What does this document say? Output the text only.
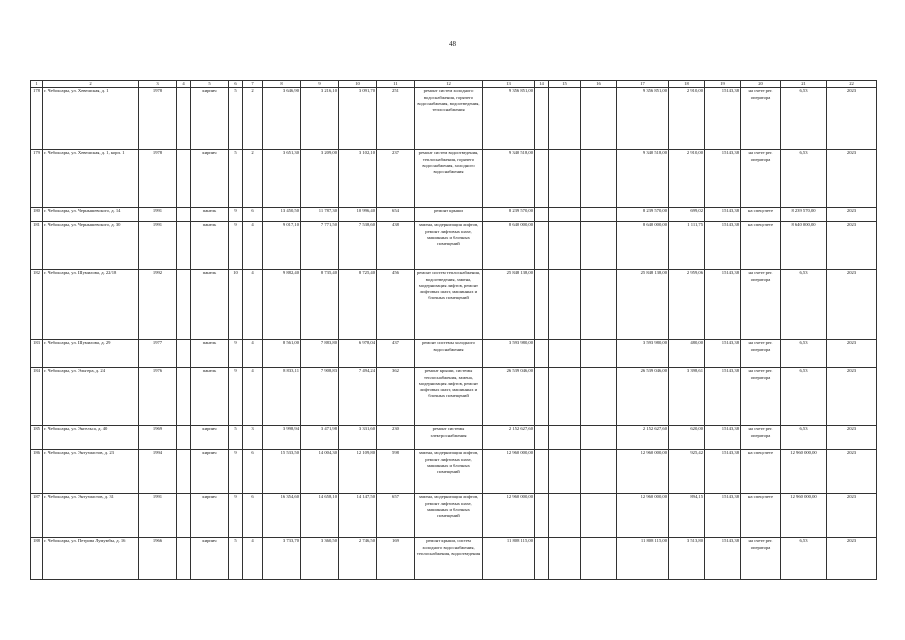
48
1	2	3	4	5	6	7	8	9	10	11	12	13	14	15	16	17	18	19	20	21	22
178	г. Чебоксары, ул. Хевешская, д. 1	1978		кирпич	5	2	3 646,90	3 216,10	3 091,70	251	ремонт систем холодного водоснабжения, горячего водоснабжения, водоотведения, теплоснабжения	9 356 851,00				9 356 851,00	2 910,00	15143,38	на счете рег. оператора	6,53	2023
179	г. Чебоксары, ул. Хевешская, д. 1, корп. 1	1978		кирпич	5	2	3 651,30	3 209,00	3 102,10	237	ремонт систем водоотведения, теплоснабжения, горячего водоснабжения, холодного водоснабжения	9 340 518,00				9 340 518,00	2 910,00	15143,38	на счете рег. оператора	6,53	2023
180	г. Чебоксары, ул. Чернышевского, д. 14	1991		панель	9	6	13 450,50	11 787,30	10 996,40	654	ремонт крыши	8 239 570,00				8 239 570,00	699,02	15143,38	на спецсчете	8 239 570,00	2023
181	г. Чебоксары, ул. Чернышевского, д. 30	1991		панель	9	4	9 017,10	7 771,50	7 538,60	438	замена, модернизация лифтов, ремонт лифтовых шахт, машинных и блочных помещений	8 640 000,00				8 640 000,00	1 111,75	15143,38	на спецсчете	8 640 000,00	2023
182	г. Чебоксары, ул. Шумилова, д. 22/18	1992		панель	10	4	9 882,40	8 735,40	8 725,40	456	ремонт систем теплоснабжения, водоотведения, замена, модернизация лифтов, ремонт лифтовых шахт, машинных и блочных помещений	25 848 138,00				25 848 138,00	2 959,06	15143,38	на счете рег. оператора	6,53	2023
183	г. Чебоксары, ул. Шумилова, д. 29	1977		панель	9	4	8 561,00	7 883,80	6 978,04	437	ремонт системы холодного водоснабжения	3 593 980,00				3 593 980,00	480,00	15143,38	на счете рег. оператора	6,53	2023
184	г. Чебоксары, ул. Эльгера, д. 24	1976		панель	9	4	8 833,11	7 908,83	7 494,24	362	ремонт крыши, системы теплоснабжения, замена, модернизация лифтов, ремонт лифтовых шахт, машинных и блочных помещений	26 539 046,00				26 539 046,00	3 398,61	15143,38	на счете рег. оператора	6,53	2023
185	г. Чебоксары, ул. Энгельса, д. 40	1969		кирпич	5	3	3 998,94	3 471,98	3 331,60	230	ремонт системы электроснабжения	2 152 627,60				2 152 627,60	620,00	15143,38	на счете рег. оператора	6,53	2023
186	г. Чебоксары, ул. Энтузиастов, д. 23	1994		кирпич	9	6	15 533,50	14 004,30	12 109,80	598	замена, модернизация лифтов, ремонт лифтовых шахт, машинных и блочных помещений	12 960 000,00				12 960 000,00	925,42	15143,38	на спецсчете	12 960 000,00	2023
187	г. Чебоксары, ул. Энтузиастов, д. 31	1991		кирпич	9	6	16 354,60	14 658,10	14 147,50	657	замена, модернизация лифтов, ремонт лифтовых шахт, машинных и блочных помещений	12 960 000,00				12 960 000,00	894,15	15143,38	на спецсчете	12 960 000,00	2023
188	г. Чебоксары, ул. Петрова Лумумбы, д. 16	1966		кирпич	5	4	3 733,70	3 360,50	2 746,50	169	ремонт крыши, систем холодного водоснабжения, теплоснабжения, водоотведения	11 808 115,00				11 808 115,00	3 513,80	15143,38	на счете рег. оператора	6,53	2023
